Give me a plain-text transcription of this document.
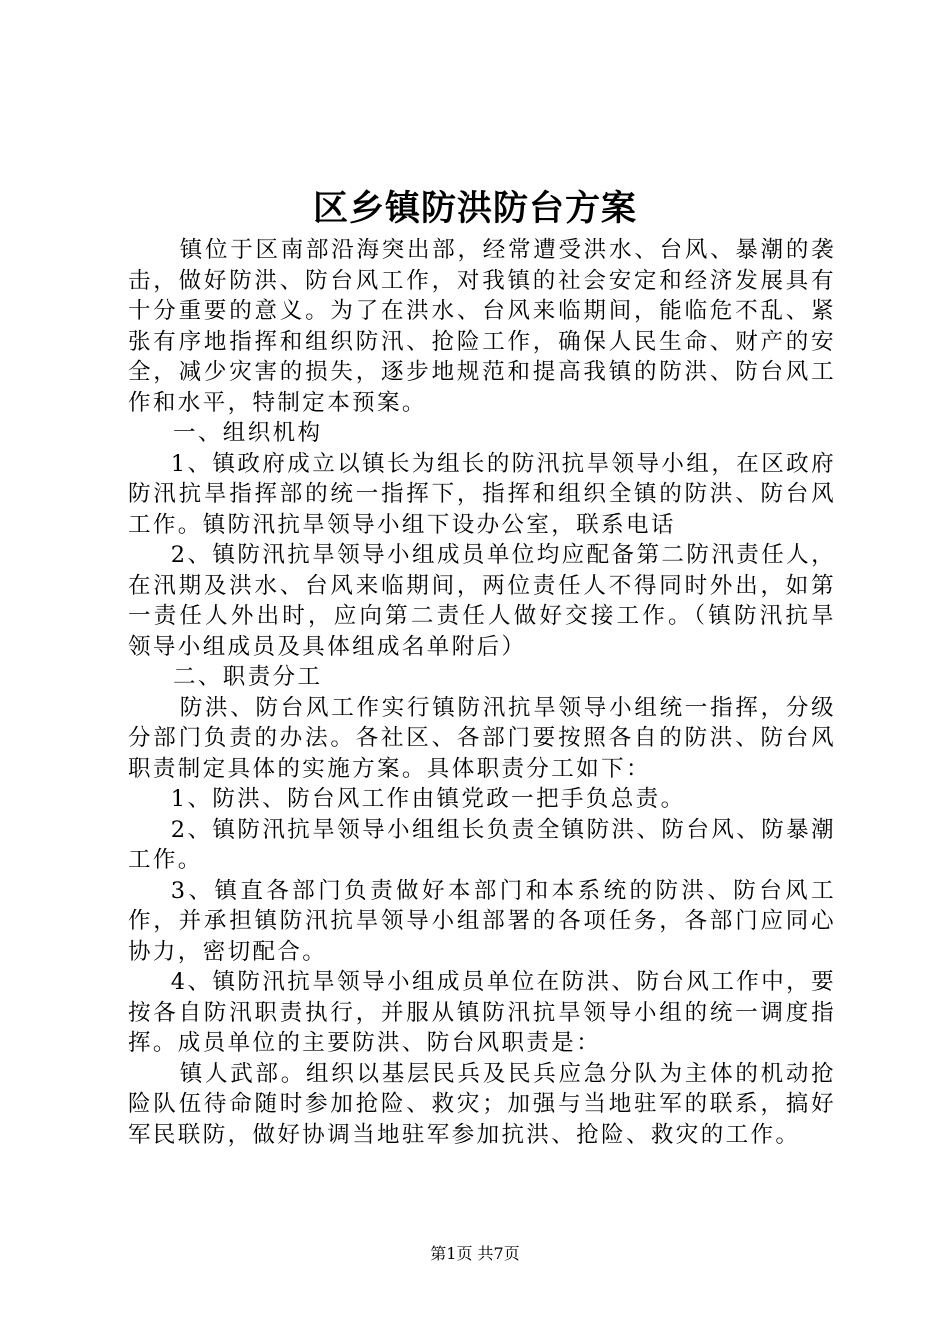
区乡镇防洪防台方案

镇位于区南部沿海突出部，经常遭受洪水、台风、暴潮的袭击，做好防洪、防台风工作，对我镇的社会安定和经济发展具有十分重要的意义。为了在洪水、台风来临期间，能临危不乱、紧张有序地指挥和组织防汛、抢险工作，确保人民生命、财产的安全，减少灾害的损失，逐步地规范和提高我镇的防洪、防台风工作和水平，特制定本预案。

一、组织机构

1、镇政府成立以镇长为组长的防汛抗旱领导小组，在区政府防汛抗旱指挥部的统一指挥下，指挥和组织全镇的防洪、防台风工作。镇防汛抗旱领导小组下设办公室，联系电话

2、镇防汛抗旱领导小组成员单位均应配备第二防汛责任人，在汛期及洪水、台风来临期间，两位责任人不得同时外出，如第一责任人外出时，应向第二责任人做好交接工作。（镇防汛抗旱领导小组成员及具体组成名单附后）

二、职责分工

防洪、防台风工作实行镇防汛抗旱领导小组统一指挥，分级分部门负责的办法。各社区、各部门要按照各自的防洪、防台风职责制定具体的实施方案。具体职责分工如下：

1、防洪、防台风工作由镇党政一把手负总责。

2、镇防汛抗旱领导小组组长负责全镇防洪、防台风、防暴潮工作。

3、镇直各部门负责做好本部门和本系统的防洪、防台风工作，并承担镇防汛抗旱领导小组部署的各项任务，各部门应同心协力，密切配合。

4、镇防汛抗旱领导小组成员单位在防洪、防台风工作中，要按各自防汛职责执行，并服从镇防汛抗旱领导小组的统一调度指挥。成员单位的主要防洪、防台风职责是：

镇人武部。组织以基层民兵及民兵应急分队为主体的机动抢险队伍待命随时参加抢险、救灾；加强与当地驻军的联系，搞好军民联防，做好协调当地驻军参加抗洪、抢险、救灾的工作。

第1页 共7页
